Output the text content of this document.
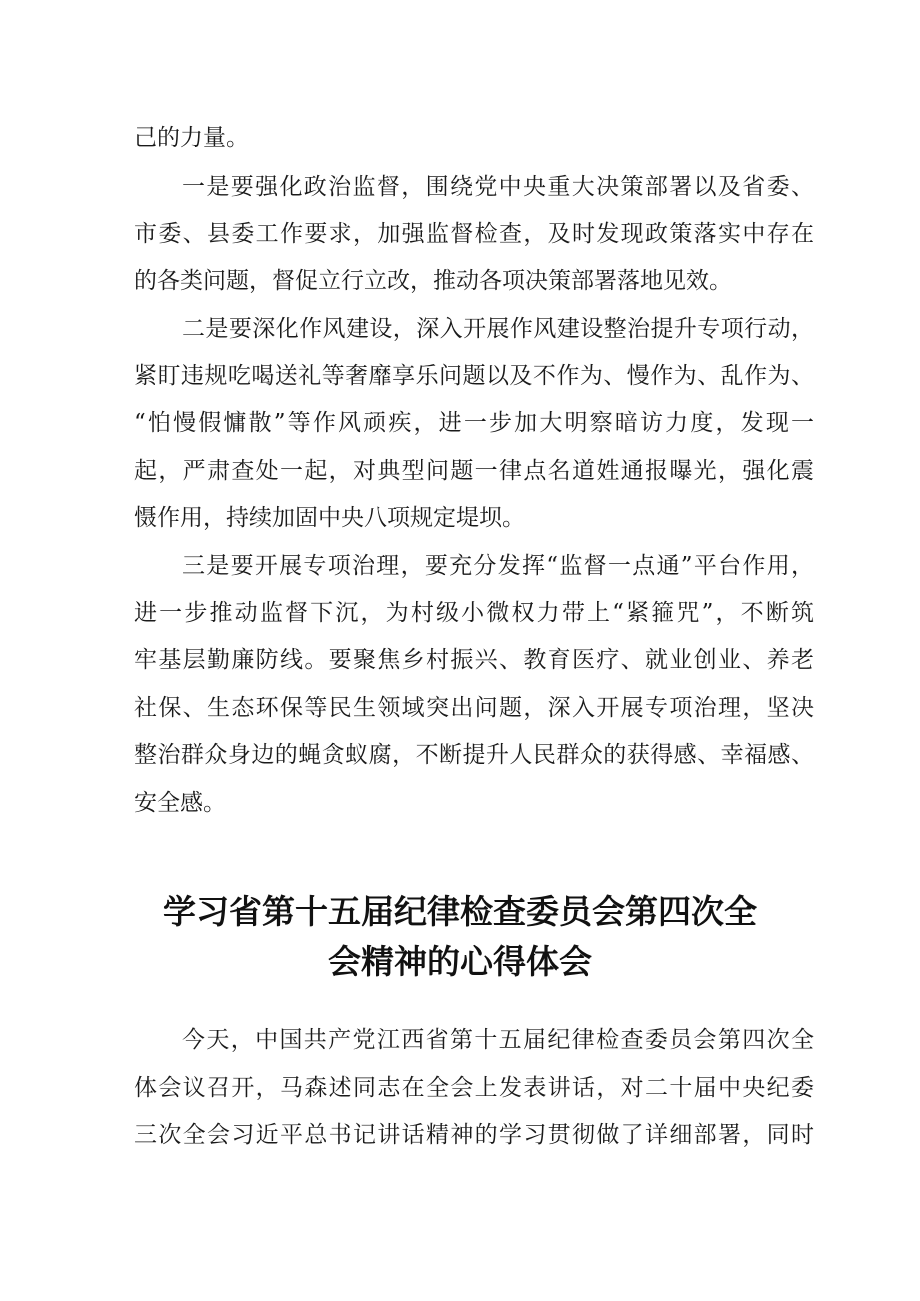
己的力量。

一是要强化政治监督，围绕党中央重大决策部署以及省委、

市委、县委工作要求，加强监督检查，及时发现政策落实中存在

的各类问题，督促立行立改，推动各项决策部署落地见效。

二是要深化作风建设，深入开展作风建设整治提升专项行动，

紧盯违规吃喝送礼等奢靡享乐问题以及不作为、慢作为、乱作为、

“怕慢假慵散”等作风顽疾，进一步加大明察暗访力度，发现一

起，严肃查处一起，对典型问题一律点名道姓通报曝光，强化震

慑作用，持续加固中央八项规定堤坝。

三是要开展专项治理，要充分发挥“监督一点通”平台作用，

进一步推动监督下沉，为村级小微权力带上“紧箍咒”，不断筑

牢基层勤廉防线。要聚焦乡村振兴、教育医疗、就业创业、养老

社保、生态环保等民生领域突出问题，深入开展专项治理，坚决

整治群众身边的蝇贪蚁腐，不断提升人民群众的获得感、幸福感、

安全感。

学习省第十五届纪律检查委员会第四次全
会精神的心得体会

今天，中国共产党江西省第十五届纪律检查委员会第四次全

体会议召开，马森述同志在全会上发表讲话，对二十届中央纪委

三次全会习近平总书记讲话精神的学习贯彻做了详细部署，同时
